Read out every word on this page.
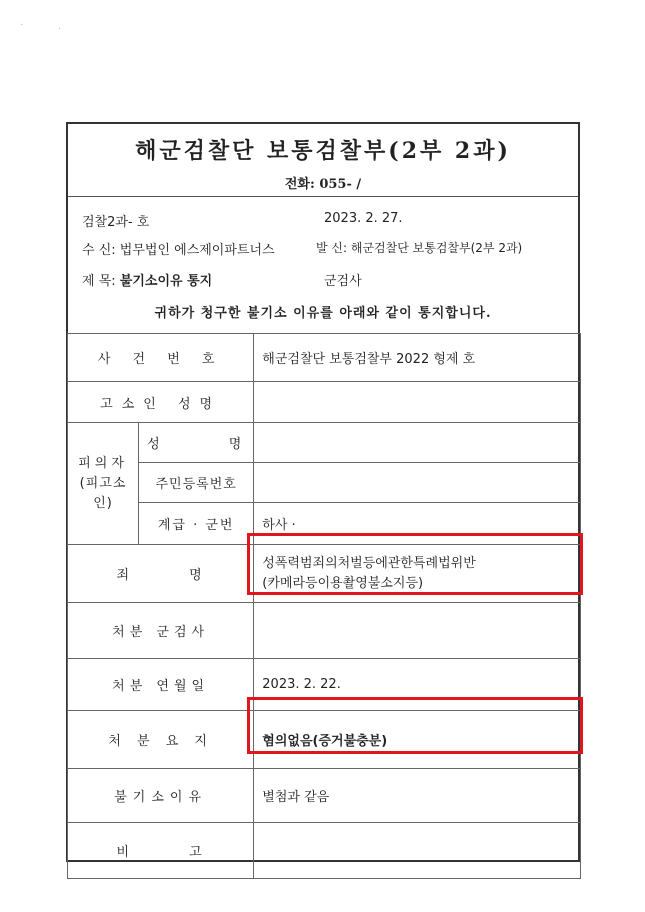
·	·
해군검찰단 보통검찰부(2부 2과)
전화: 055- /
검찰2과- 호	2023. 2. 27.
수 신: 법무법인 에스제이파트너스	발 신: 해군검찰단 보통검찰부(2부 2과)
제 목: 불기소이유 통지	군검사
귀하가 청구한 불기소 이유를 아래와 같이 통지합니다.
사 건 번 호		해군검찰단 보통검찰부 2022 형제 호
고소인 성명		

피의자
(피고소인)	성        명	
	주민등록번호	
	계급 · 군번	하사 ·
죄        명		성폭력범죄의처벌등에관한특례법위반
(카메라등이용촬영불소지등)

처분 군검사		
처분 연월일		2023. 2. 22.
처 분 요 지		혐의없음(증거불충분)
불기소이유		별첨과 같음
비        고		
